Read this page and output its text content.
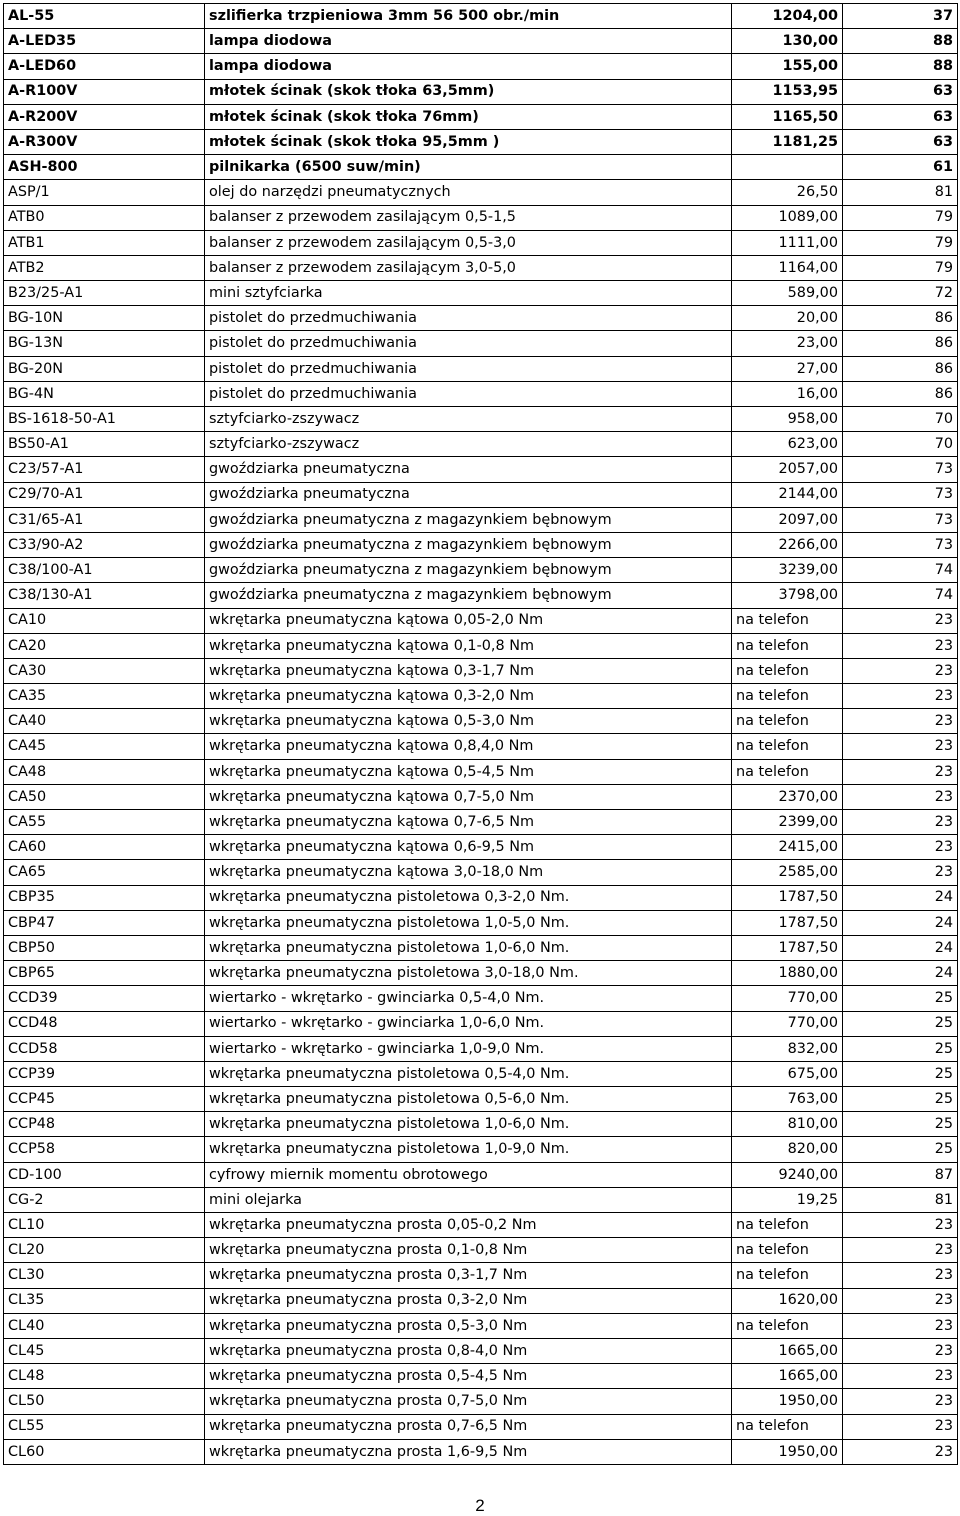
AL-55	szlifierka trzpieniowa 3mm 56 500 obr./min	1204,00	37
A-LED35	lampa diodowa	130,00	88
A-LED60	lampa diodowa	155,00	88
A-R100V	młotek ścinak (skok tłoka 63,5mm)	1153,95	63
A-R200V	młotek ścinak (skok tłoka 76mm)	1165,50	63
A-R300V	młotek ścinak (skok tłoka 95,5mm )	1181,25	63
ASH-800	pilnikarka (6500 suw/min)		61
ASP/1	olej do narzędzi pneumatycznych	26,50	81
ATB0	balanser z przewodem zasilającym 0,5-1,5	1089,00	79
ATB1	balanser z przewodem zasilającym 0,5-3,0	1111,00	79
ATB2	balanser z przewodem zasilającym 3,0-5,0	1164,00	79
B23/25-A1	mini sztyfciarka	589,00	72
BG-10N	pistolet do przedmuchiwania	20,00	86
BG-13N	pistolet do przedmuchiwania	23,00	86
BG-20N	pistolet do przedmuchiwania	27,00	86
BG-4N	pistolet do przedmuchiwania	16,00	86
BS-1618-50-A1	sztyfciarko-zszywacz	958,00	70
BS50-A1	sztyfciarko-zszywacz	623,00	70
C23/57-A1	gwoździarka pneumatyczna	2057,00	73
C29/70-A1	gwoździarka pneumatyczna	2144,00	73
C31/65-A1	gwoździarka pneumatyczna z magazynkiem bębnowym	2097,00	73
C33/90-A2	gwoździarka pneumatyczna z magazynkiem bębnowym	2266,00	73
C38/100-A1	gwoździarka pneumatyczna z magazynkiem bębnowym	3239,00	74
C38/130-A1	gwoździarka pneumatyczna z magazynkiem bębnowym	3798,00	74
CA10	wkrętarka pneumatyczna kątowa 0,05-2,0 Nm	na telefon	23
CA20	wkrętarka pneumatyczna kątowa 0,1-0,8 Nm	na telefon	23
CA30	wkrętarka pneumatyczna kątowa 0,3-1,7 Nm	na telefon	23
CA35	wkrętarka pneumatyczna kątowa 0,3-2,0 Nm	na telefon	23
CA40	wkrętarka pneumatyczna kątowa 0,5-3,0 Nm	na telefon	23
CA45	wkrętarka pneumatyczna kątowa 0,8,4,0 Nm	na telefon	23
CA48	wkrętarka pneumatyczna kątowa 0,5-4,5 Nm	na telefon	23
CA50	wkrętarka pneumatyczna kątowa 0,7-5,0 Nm	2370,00	23
CA55	wkrętarka pneumatyczna kątowa 0,7-6,5 Nm	2399,00	23
CA60	wkrętarka pneumatyczna kątowa 0,6-9,5 Nm	2415,00	23
CA65	wkrętarka pneumatyczna kątowa 3,0-18,0 Nm	2585,00	23
CBP35	wkrętarka pneumatyczna pistoletowa 0,3-2,0 Nm.	1787,50	24
CBP47	wkrętarka pneumatyczna pistoletowa 1,0-5,0 Nm.	1787,50	24
CBP50	wkrętarka pneumatyczna pistoletowa 1,0-6,0 Nm.	1787,50	24
CBP65	wkrętarka pneumatyczna pistoletowa 3,0-18,0 Nm.	1880,00	24
CCD39	wiertarko - wkrętarko - gwinciarka 0,5-4,0 Nm.	770,00	25
CCD48	wiertarko - wkrętarko - gwinciarka 1,0-6,0 Nm.	770,00	25
CCD58	wiertarko - wkrętarko - gwinciarka 1,0-9,0 Nm.	832,00	25
CCP39	wkrętarka pneumatyczna pistoletowa 0,5-4,0 Nm.	675,00	25
CCP45	wkrętarka pneumatyczna pistoletowa 0,5-6,0 Nm.	763,00	25
CCP48	wkrętarka pneumatyczna pistoletowa 1,0-6,0 Nm.	810,00	25
CCP58	wkrętarka pneumatyczna pistoletowa 1,0-9,0 Nm.	820,00	25
CD-100	cyfrowy miernik momentu obrotowego	9240,00	87
CG-2	mini olejarka	19,25	81
CL10	wkrętarka pneumatyczna prosta 0,05-0,2 Nm	na telefon	23
CL20	wkrętarka pneumatyczna prosta 0,1-0,8 Nm	na telefon	23
CL30	wkrętarka pneumatyczna prosta 0,3-1,7 Nm	na telefon	23
CL35	wkrętarka pneumatyczna prosta 0,3-2,0 Nm	1620,00	23
CL40	wkrętarka pneumatyczna prosta 0,5-3,0 Nm	na telefon	23
CL45	wkrętarka pneumatyczna prosta 0,8-4,0 Nm	1665,00	23
CL48	wkrętarka pneumatyczna prosta 0,5-4,5 Nm	1665,00	23
CL50	wkrętarka pneumatyczna prosta 0,7-5,0 Nm	1950,00	23
CL55	wkrętarka pneumatyczna prosta 0,7-6,5 Nm	na telefon	23
CL60	wkrętarka pneumatyczna prosta 1,6-9,5 Nm	1950,00	23
2
